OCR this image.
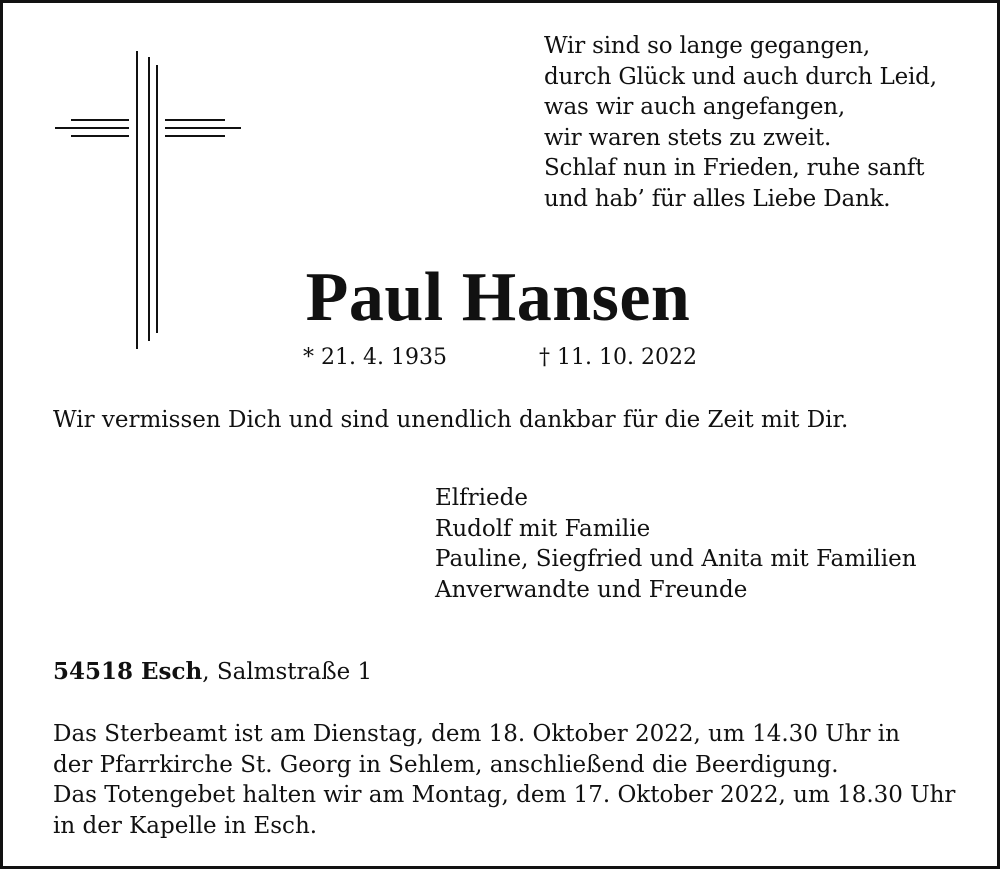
Wir sind so lange gegangen,
durch Glück und auch durch Leid,
was wir auch angefangen,
wir waren stets zu zweit.
Schlaf nun in Frieden, ruhe sanft
und hab’ für alles Liebe Dank.
Paul Hansen
* 21. 4. 1935	† 11. 10. 2022
Wir vermissen Dich und sind unendlich dankbar für die Zeit mit Dir.
Elfriede
Rudolf mit Familie
Pauline, Siegfried und Anita mit Familien
Anverwandte und Freunde
54518 Esch, Salmstraße 1
Das Sterbeamt ist am Dienstag, dem 18. Oktober 2022, um 14.30 Uhr in
der Pfarrkirche St. Georg in Sehlem, anschließend die Beerdigung.
Das Totengebet halten wir am Montag, dem 17. Oktober 2022, um 18.30 Uhr
in der Kapelle in Esch.
